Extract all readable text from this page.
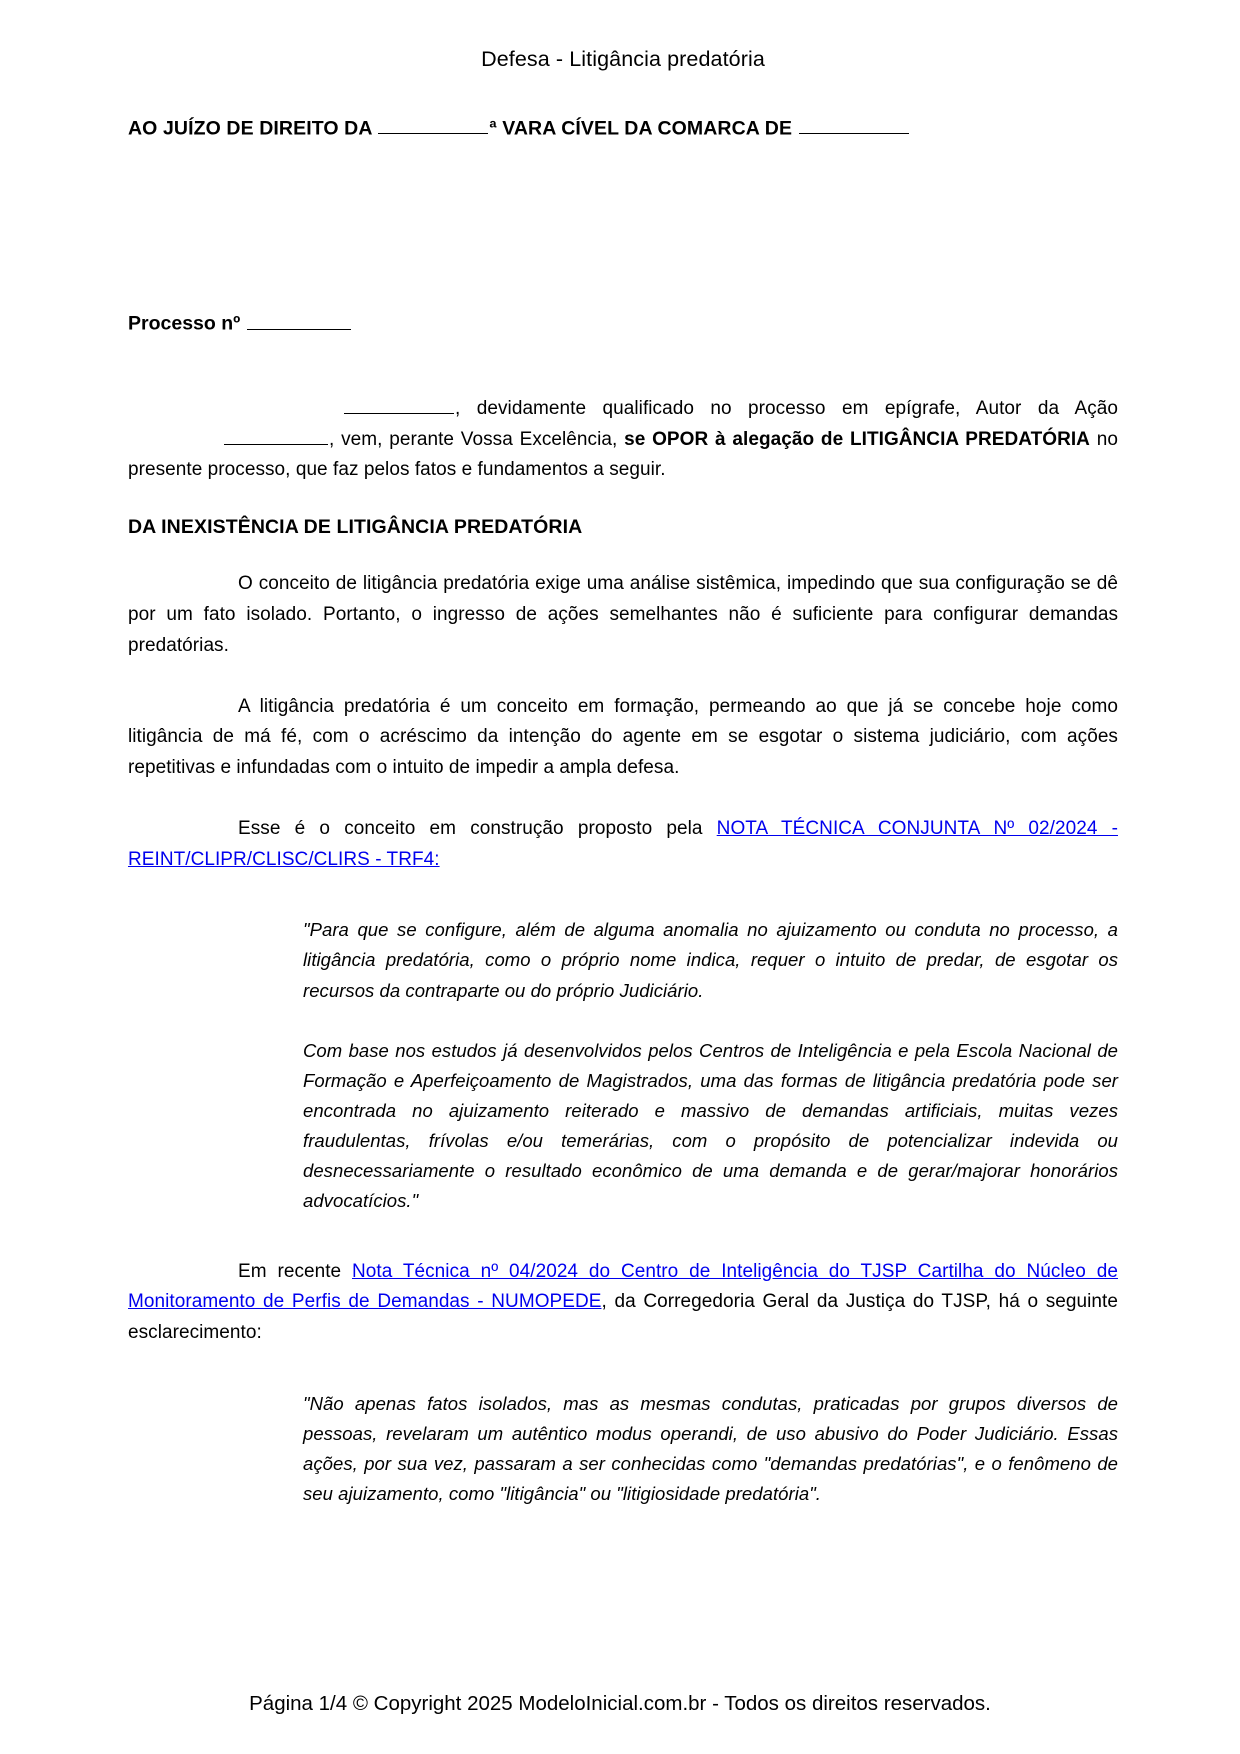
Defesa - Litigância predatória
AO JUÍZO DE DIREITO DA	ª VARA CÍVEL DA COMARCA DE
Processo nº

, devidamente qualificado no processo em epígrafe, Autor da Ação , vem, perante Vossa Excelência, se OPOR à alegação de LITIGÂNCIA PREDATÓRIA no presente processo, que faz pelos fatos e fundamentos a seguir.

DA INEXISTÊNCIA DE LITIGÂNCIA PREDATÓRIA

O conceito de litigância predatória exige uma análise sistêmica, impedindo que sua configuração se dê por um fato isolado. Portanto, o ingresso de ações semelhantes não é suficiente para configurar demandas predatórias.

A litigância predatória é um conceito em formação, permeando ao que já se concebe hoje como litigância de má fé, com o acréscimo da intenção do agente em se esgotar o sistema judiciário, com ações repetitivas e infundadas com o intuito de impedir a ampla defesa.

Esse é o conceito em construção proposto pela NOTA TÉCNICA CONJUNTA Nº 02/2024 - REINT/CLIPR/CLISC/CLIRS - TRF4:

"Para que se configure, além de alguma anomalia no ajuizamento ou conduta no processo, a litigância predatória, como o próprio nome indica, requer o intuito de predar, de esgotar os recursos da contraparte ou do próprio Judiciário.

Com base nos estudos já desenvolvidos pelos Centros de Inteligência e pela Escola Nacional de Formação e Aperfeiçoamento de Magistrados, uma das formas de litigância predatória pode ser encontrada no ajuizamento reiterado e massivo de demandas artificiais, muitas vezes fraudulentas, frívolas e/ou temerárias, com o propósito de potencializar indevida ou desnecessariamente o resultado econômico de uma demanda e de gerar/majorar honorários advocatícios."

Em recente Nota Técnica nº 04/2024 do Centro de Inteligência do TJSP Cartilha do Núcleo de Monitoramento de Perfis de Demandas - NUMOPEDE, da Corregedoria Geral da Justiça do TJSP, há o seguinte esclarecimento:

"Não apenas fatos isolados, mas as mesmas condutas, praticadas por grupos diversos de pessoas, revelaram um autêntico modus operandi, de uso abusivo do Poder Judiciário. Essas ações, por sua vez, passaram a ser conhecidas como "demandas predatórias", e o fenômeno de seu ajuizamento, como "litigância" ou "litigiosidade predatória".

Página 1/4 © Copyright 2025 ModeloInicial.com.br - Todos os direitos reservados.
